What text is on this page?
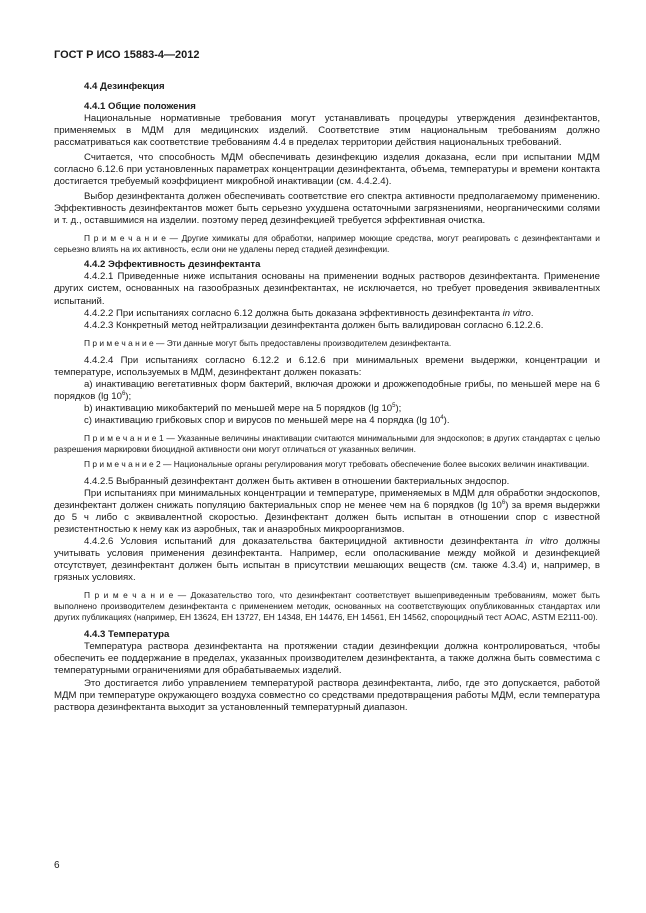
ГОСТ Р ИСО 15883-4—2012

4.4 Дезинфекция

4.4.1 Общие положения

Национальные нормативные требования могут устанавливать процедуры утверждения дезинфектантов, применяемых в МДМ для медицинских изделий. Соответствие этим национальным требованиям должно рассматриваться как соответствие требованиям 4.4 в пределах территории действия национальных требований.

Считается, что способность МДМ обеспечивать дезинфекцию изделия доказана, если при испытании МДМ согласно 6.12.6 при установленных параметрах концентрации дезинфектанта, объема, температуры и времени контакта достигается требуемый коэффициент микробной инактивации (см. 4.4.2.4).

Выбор дезинфектанта должен обеспечивать соответствие его спектра активности предполагаемому применению. Эффективность дезинфектантов может быть серьезно ухудшена остаточными загрязнениями, неорганическими солями и т. д., оставшимися на изделии. поэтому перед дезинфекцией требуется эффективная очистка.

П р и м е ч а н и е — Другие химикаты для обработки, например моющие средства, могут реагировать с дезинфектантами и серьезно влиять на их активность, если они не удалены перед стадией дезинфекции.

4.4.2 Эффективность дезинфектанта

4.4.2.1 Приведенные ниже испытания основаны на применении водных растворов дезинфектанта. Применение других систем, основанных на газообразных дезинфектантах, не исключается, но требует проведения эквивалентных испытаний.

4.4.2.2 При испытаниях согласно 6.12 должна быть доказана эффективность дезинфектанта in vitro.

4.4.2.3 Конкретный метод нейтрализации дезинфектанта должен быть валидирован согласно 6.12.2.6.

П р и м е ч а н и е — Эти данные могут быть предоставлены производителем дезинфектанта.

4.4.2.4 При испытаниях согласно 6.12.2 и 6.12.6 при минимальных времени выдержки, концентрации и температуре, используемых в МДМ, дезинфектант должен показать:

а) инактивацию вегетативных форм бактерий, включая дрожжи и дрожжеподобные грибы, по меньшей мере на 6 порядков (lg $10^6$);

b) инактивацию микобактерий по меньшей мере на 5 порядков (lg $10^5$);

с) инактивацию грибковых спор и вирусов по меньшей мере на 4 порядка (lg $10^4$).

П р и м е ч а н и е 1 — Указанные величины инактивации считаются минимальными для эндоскопов; в других стандартах с целью разрешения маркировки биоцидной активности они могут отличаться от указанных величин.

П р и м е ч а н и е 2 — Национальные органы регулирования могут требовать обеспечение более высоких величин инактивации.

4.4.2.5 Выбранный дезинфектант должен быть активен в отношении бактериальных эндоспор.

При испытаниях при минимальных концентрации и температуре, применяемых в МДМ для обработки эндоскопов, дезинфектант должен снижать популяцию бактериальных спор не менее чем на 6 порядков (lg $10^6$) за время выдержки до 5 ч либо с эквивалентной скоростью. Дезинфектант должен быть испытан в отношении спор с известной резистентностью к нему как из аэробных, так и анаэробных микроорганизмов.

4.4.2.6 Условия испытаний для доказательства бактерицидной активности дезинфектанта in vitro должны учитывать условия применения дезинфектанта. Например, если ополаскивание между мойкой и дезинфекцией отсутствует, дезинфектант должен быть испытан в присутствии мешающих веществ (см. также 4.3.4) и, например, в грязных условиях.

П р и м е ч а н и е — Доказательство того, что дезинфектант соответствует вышеприведенным требованиям, может быть выполнено производителем дезинфектанта с применением методик, основанных на соответствующих опубликованных стандартах или других публикациях (например, ЕН 13624, ЕН 13727, ЕН 14348, ЕН 14476, ЕН 14561, ЕН 14562, спороцидный тест АОАС, ASTM E2111-00).

4.4.3 Температура

Температура раствора дезинфектанта на протяжении стадии дезинфекции должна контролироваться, чтобы обеспечить ее поддержание в пределах, указанных производителем дезинфектанта, а также должна быть совместима с температурными ограничениями для обрабатываемых изделий.

Это достигается либо управлением температурой раствора дезинфектанта, либо, где это допускается, работой МДМ при температуре окружающего воздуха совместно со средствами предотвращения работы МДМ, если температура раствора дезинфектанта выходит за установленный температурный диапазон.

6
